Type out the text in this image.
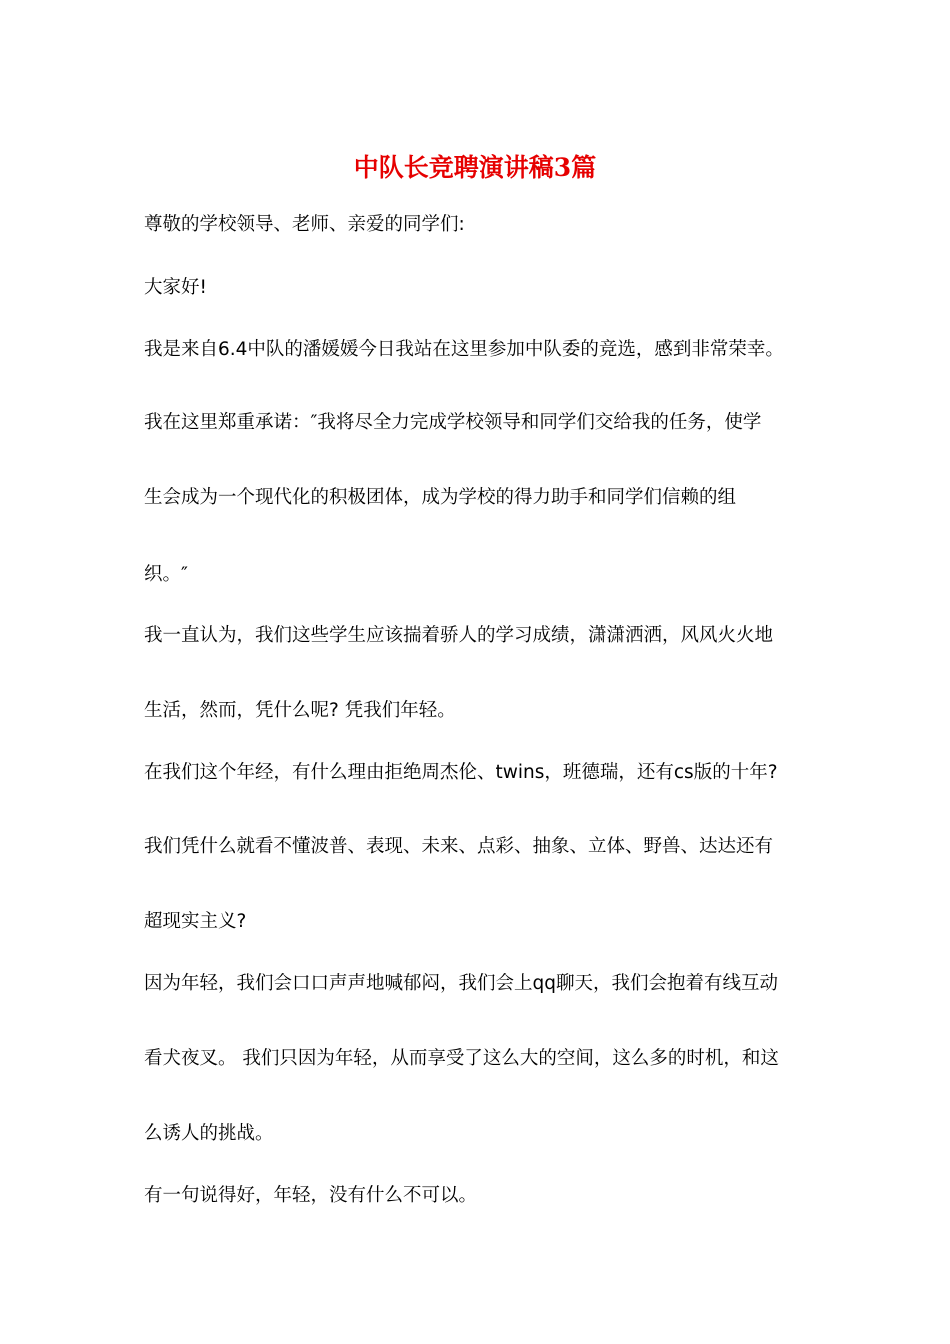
中队长竞聘演讲稿3篇
尊敬的学校领导、老师、亲爱的同学们:
大家好!
我是来自6.4中队的潘媛媛今日我站在这里参加中队委的竞选，感到非常荣幸。
我在这里郑重承诺：″我将尽全力完成学校领导和同学们交给我的任务，使学
生会成为一个现代化的积极团体，成为学校的得力助手和同学们信赖的组
织。″
我一直认为，我们这些学生应该揣着骄人的学习成绩，潇潇洒洒，风风火火地
生活，然而，凭什么呢? 凭我们年轻。
在我们这个年经，有什么理由拒绝周杰伦、twins，班德瑞，还有cs版的十年?
我们凭什么就看不懂波普、表现、未来、点彩、抽象、立体、野兽、达达还有
超现实主义?
因为年轻，我们会口口声声地喊郁闷，我们会上qq聊天，我们会抱着有线互动
看犬夜叉。 我们只因为年轻，从而享受了这么大的空间，这么多的时机，和这
么诱人的挑战。
有一句说得好，年轻，没有什么不可以。
